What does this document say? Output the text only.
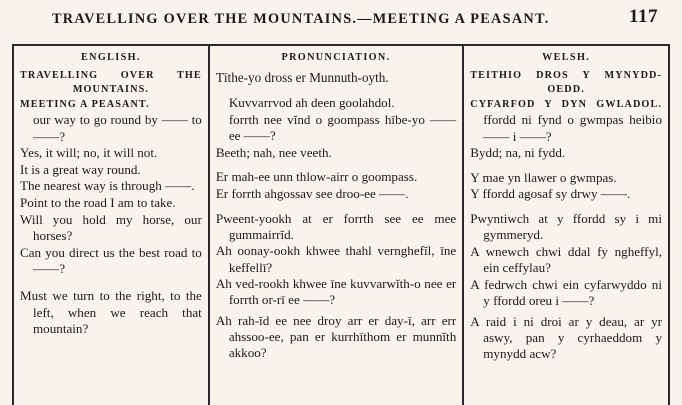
TRAVELLING OVER THE MOUNTAINS.—MEETING A PEASANT.	117
ENGLISH.
TRAVELLING OVER THE
MOUNTAINS.
MEETING A PEASANT.
our way to go round by —— to ——?
Yes, it will; no, it will not.
It is a great way round.
The nearest way is through ——.
Point to the road I am to take.
Will you hold my horse, our horses?
Can you direct us the best road to ——?
Must we turn to the right, to the left, when we reach that mountain?
PRONUNCIATION.
Tīthe-yo dross er Munnuth-oyth.
Kuvvarrvod ah deen goolahdol.
forrth nee vĭnd o goompass hībe-yo —— ee ——?
Beeth; nah, nee veeth.
Er mah-ee unn thlow-airr o goompass.
Er forrth ahgossav see droo-ee ——.
Pweent-yookh at er forrth see ee mee gummairrĭd.
Ah oonay-ookh khwee thahl vernghefĭl, īne keffellī?
Ah ved-rookh khwee īne kuvvarwĭth-o nee er forrth or-rī ee ——?
Ah rah-ĭd ee nee droy arr er day-ī, arr err ahssoo-ee, pan er kurrhīthom er munnĭth akkoo?
WELSH.
TEITHIO DROS Y MYNYDD-
OEDD.
CYFARFOD Y DYN GWLADOL.
ffordd ni fynd o gwmpas heibio —— i ——?
Bydd; na, ni fydd.
Y mae yn llawer o gwmpas.
Y ffordd agosaf sy drwy ——.
Pwyntiwch at y ffordd sy i mi gymmeryd.
A wnewch chwi ddal fy ngheffyl, ein ceffylau?
A fedrwch chwi ein cyfarwyddo ni y ffordd oreu i ——?
A raid i ni droi ar y deau, ar yr aswy, pan y cyrhaeddom y mynydd acw?
